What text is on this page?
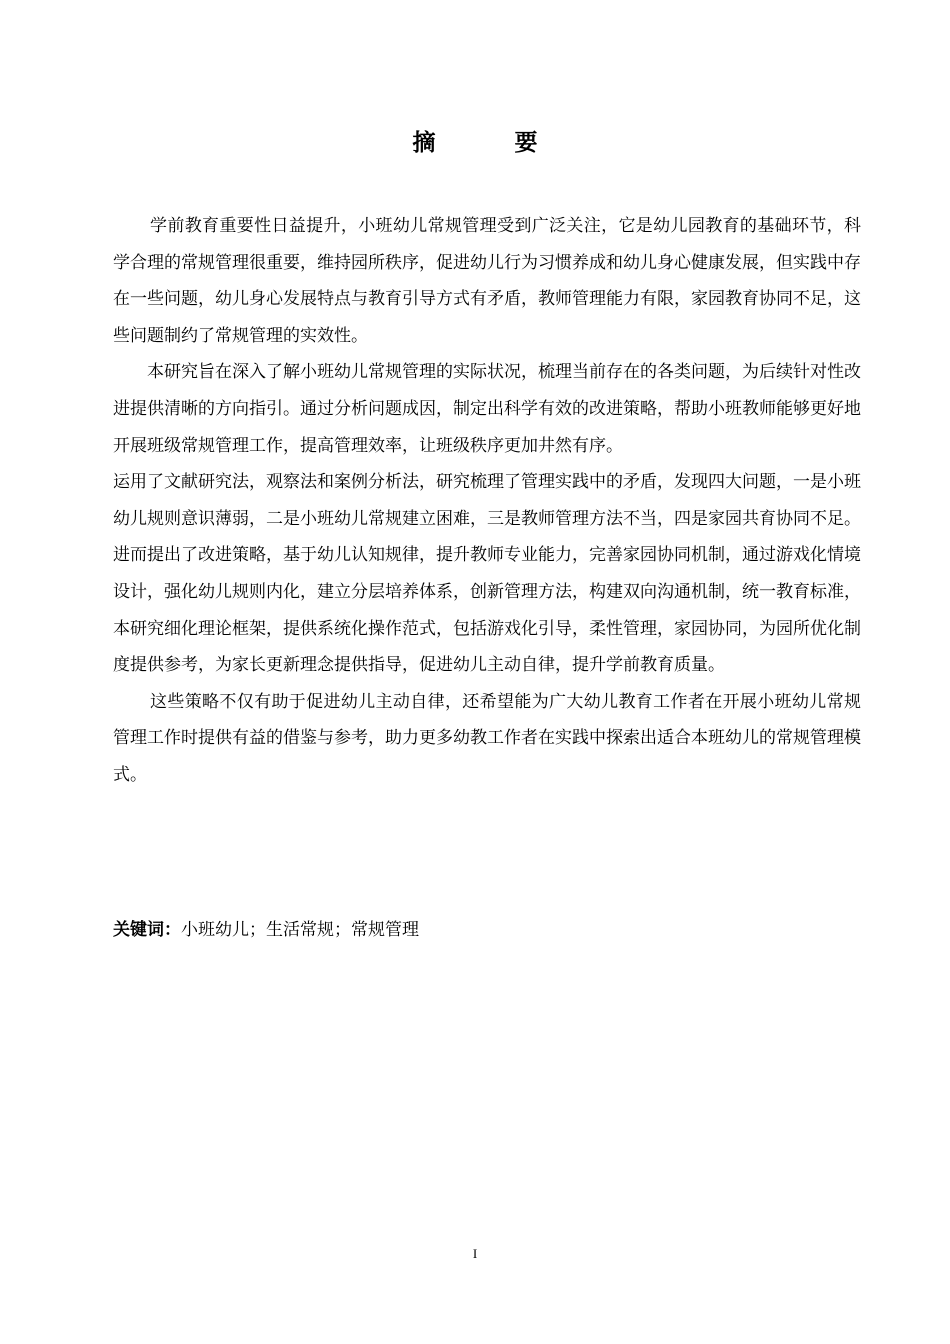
摘　要

学前教育重要性日益提升，小班幼儿常规管理受到广泛关注，它是幼儿园教育的基础环节，科学合理的常规管理很重要，维持园所秩序，促进幼儿行为习惯养成和幼儿身心健康发展，但实践中存在一些问题，幼儿身心发展特点与教育引导方式有矛盾，教师管理能力有限，家园教育协同不足，这些问题制约了常规管理的实效性。

本研究旨在深入了解小班幼儿常规管理的实际状况，梳理当前存在的各类问题，为后续针对性改进提供清晰的方向指引。通过分析问题成因，制定出科学有效的改进策略，帮助小班教师能够更好地开展班级常规管理工作，提高管理效率，让班级秩序更加井然有序。

运用了文献研究法，观察法和案例分析法，研究梳理了管理实践中的矛盾，发现四大问题，一是小班幼儿规则意识薄弱，二是小班幼儿常规建立困难，三是教师管理方法不当，四是家园共育协同不足。进而提出了改进策略，基于幼儿认知规律，提升教师专业能力，完善家园协同机制，通过游戏化情境设计，强化幼儿规则内化，建立分层培养体系，创新管理方法，构建双向沟通机制，统一教育标准，本研究细化理论框架，提供系统化操作范式，包括游戏化引导，柔性管理，家园协同，为园所优化制度提供参考，为家长更新理念提供指导，促进幼儿主动自律，提升学前教育质量。

这些策略不仅有助于促进幼儿主动自律，还希望能为广大幼儿教育工作者在开展小班幼儿常规管理工作时提供有益的借鉴与参考，助力更多幼教工作者在实践中探索出适合本班幼儿的常规管理模式。

关键词：小班幼儿；生活常规；常规管理
I
